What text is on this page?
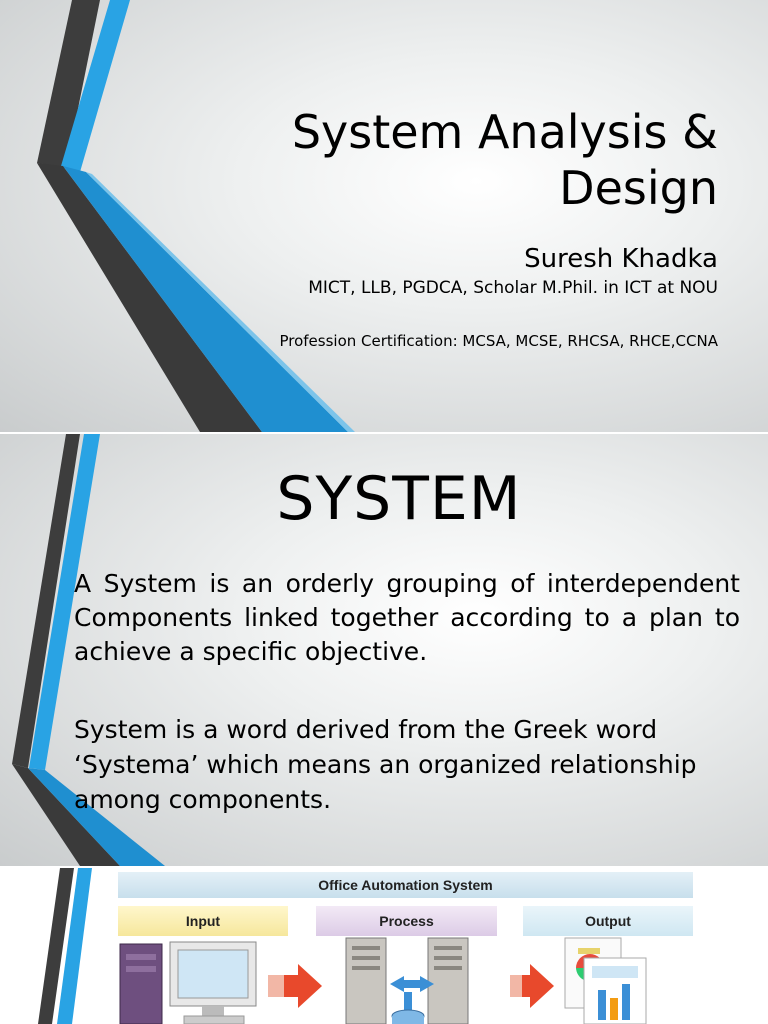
System Analysis & Design
Suresh Khadka
MICT, LLB, PGDCA, Scholar M.Phil. in ICT at NOU
Profession Certification: MCSA, MCSE, RHCSA, RHCE,CCNA
SYSTEM

A System is an orderly grouping of interdependent Components linked together according to a plan to achieve a specific objective.

System is a word derived from the Greek word ‘Systema’ which means an organized relationship among components.

Office Automation System
Input	Process	Output
